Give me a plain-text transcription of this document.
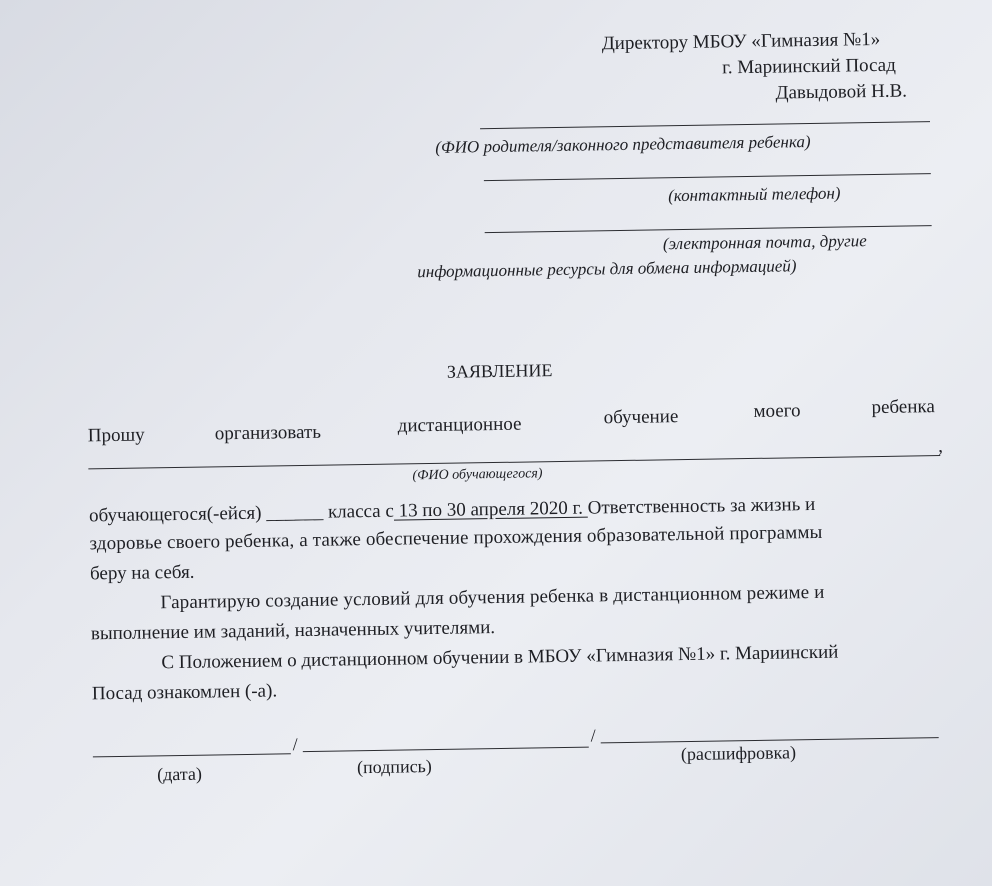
Директору МБОУ «Гимназия №1»
г. Мариинский Посад
Давыдовой Н.В.
(ФИО родителя/законного представителя ребенка)
(контактный телефон)
(электронная почта, другие
информационные ресурсы для обмена информацией)
ЗАЯВЛЕНИЕ
Прошу	организовать	дистанционное	обучение	моего	ребенка
,
(ФИО обучающегося)
обучающегося(-ейся) ______ класса с 13 по 30 апреля 2020 г. Ответственность за жизнь и
здоровье своего ребенка, а также обеспечение прохождения образовательной программы
беру на себя.
Гарантирую создание условий для обучения ребенка в дистанционном режиме и
выполнение им заданий, назначенных учителями.
С Положением о дистанционном обучении в МБОУ «Гимназия №1» г. Мариинский
Посад ознакомлен (-а).
/	/
(дата)	(подпись)
(расшифровка)
